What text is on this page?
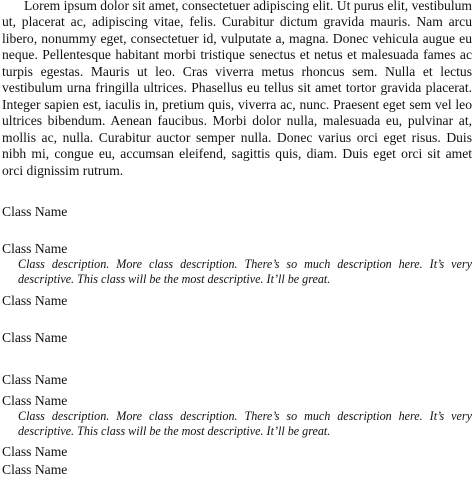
Lorem ipsum dolor sit amet, consectetuer adipiscing elit. Ut purus elit, vestibulum ut, placerat ac, adipiscing vitae, felis. Curabitur dictum gravida mauris. Nam arcu libero, nonummy eget, consectetuer id, vulputate a, magna. Donec vehicula augue eu neque. Pellentesque habitant morbi tristique senectus et netus et malesuada fames ac turpis egestas. Mauris ut leo. Cras viverra metus rhoncus sem. Nulla et lectus vestibulum urna fringilla ultrices. Phasellus eu tellus sit amet tortor gravida placerat. Integer sapien est, iaculis in, pretium quis, viverra ac, nunc. Praesent eget sem vel leo ultrices bibendum. Aenean faucibus. Morbi dolor nulla, malesuada eu, pulvinar at, mollis ac, nulla. Curabitur auctor semper nulla. Donec varius orci eget risus. Duis nibh mi, congue eu, accumsan eleifend, sagittis quis, diam. Duis eget orci sit amet orci dignissim rutrum.

Class Name
Class Name

Class description. More class description. There’s so much description here. It’s very descriptive. This class will be the most descriptive. It’ll be great.

Class Name
Class Name
Class Name
Class Name

Class description. More class description. There’s so much description here. It’s very descriptive. This class will be the most descriptive. It’ll be great.

Class Name
Class Name
